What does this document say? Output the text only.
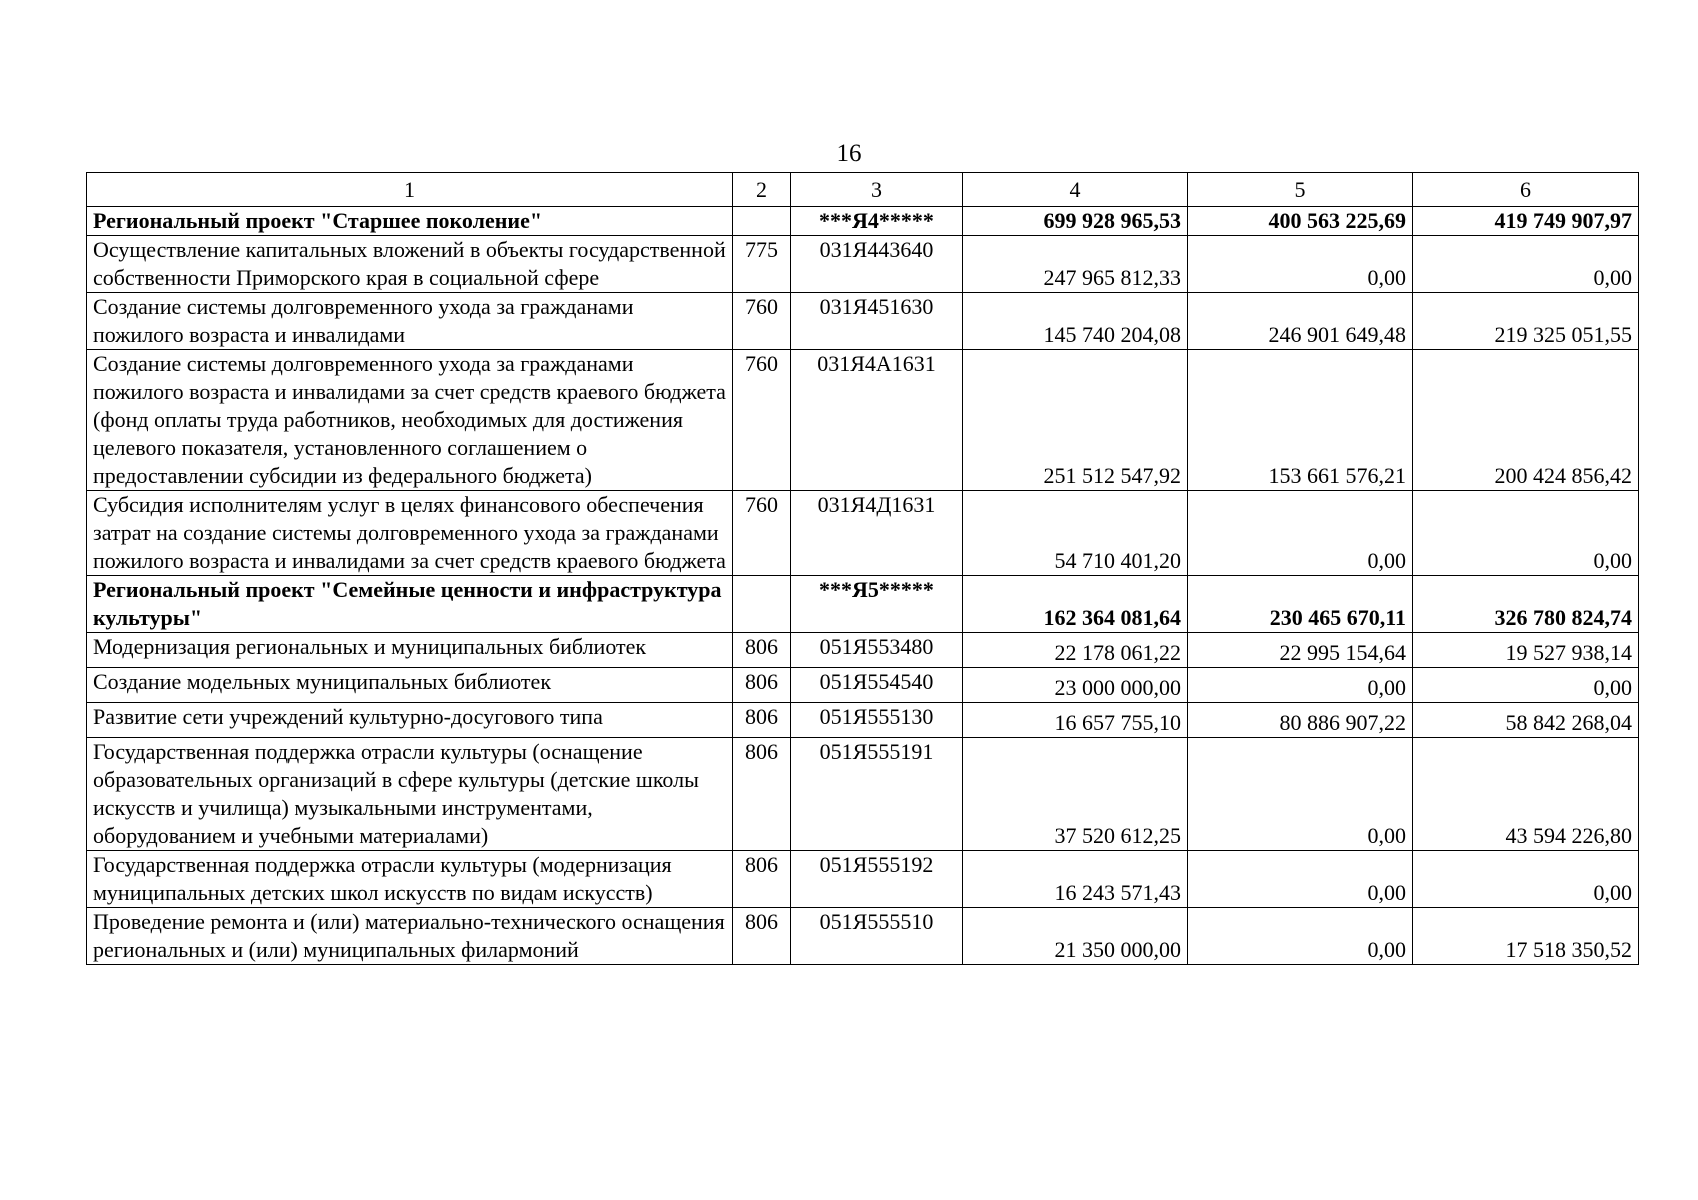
16
1	2	3	4	5	6
Региональный проект "Старшее поколение"		***Я4*****	699 928 965,53	400 563 225,69	419 749 907,97
Осуществление капитальных вложений в объекты государственной собственности Приморского края в социальной сфере	775	031Я443640	247 965 812,33	0,00	0,00
Создание системы долговременного ухода за гражданами пожилого возраста и инвалидами	760	031Я451630	145 740 204,08	246 901 649,48	219 325 051,55
Создание системы долговременного ухода за гражданами пожилого возраста и инвалидами за счет средств краевого бюджета (фонд оплаты труда работников, необходимых для достижения целевого показателя, установленного соглашением о предоставлении субсидии из федерального бюджета)	760	031Я4А1631	251 512 547,92	153 661 576,21	200 424 856,42
Субсидия исполнителям услуг в целях финансового обеспечения затрат на создание системы долговременного ухода за гражданами пожилого возраста и инвалидами за счет средств краевого бюджета	760	031Я4Д1631	54 710 401,20	0,00	0,00
Региональный проект "Семейные ценности и инфраструктура культуры"		***Я5*****	162 364 081,64	230 465 670,11	326 780 824,74
Модернизация региональных и муниципальных библиотек	806	051Я553480	22 178 061,22	22 995 154,64	19 527 938,14
Создание модельных муниципальных библиотек	806	051Я554540	23 000 000,00	0,00	0,00
Развитие сети учреждений культурно-досугового типа	806	051Я555130	16 657 755,10	80 886 907,22	58 842 268,04
Государственная поддержка отрасли культуры (оснащение образовательных организаций в сфере культуры (детские школы искусств и училища) музыкальными инструментами, оборудованием и учебными материалами)	806	051Я555191	37 520 612,25	0,00	43 594 226,80
Государственная поддержка отрасли культуры (модернизация муниципальных детских школ искусств по видам искусств)	806	051Я555192	16 243 571,43	0,00	0,00
Проведение ремонта и (или) материально-технического оснащения региональных и (или) муниципальных филармоний	806	051Я555510	21 350 000,00	0,00	17 518 350,52
